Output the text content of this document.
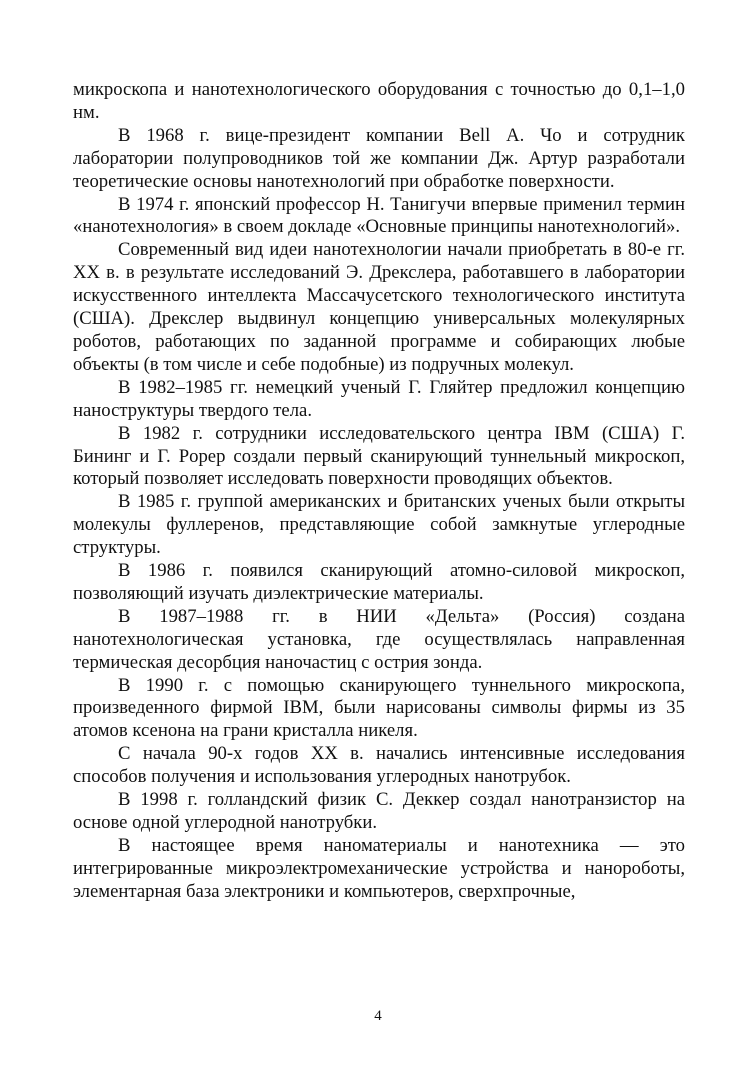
микроскопа и нанотехнологического оборудования с точностью до 0,1–1,0 нм.

В 1968 г. вице-президент компании Bell А. Чо и сотрудник лаборатории полупроводников той же компании Дж. Артур разработали теоретические основы нанотехнологий при обработке поверхности.

В 1974 г. японский профессор Н. Танигучи впервые применил термин «нанотехнология» в своем докладе «Основные принципы нанотехнологий».

Современный вид идеи нанотехнологии начали приобретать в 80-е гг. XX в. в результате исследований Э. Дрекслера, работавшего в лаборатории искусственного интеллекта Массачусетского технологического института (США). Дрекслер выдвинул концепцию универсальных молекулярных роботов, работающих по заданной программе и собирающих любые объекты (в том числе и себе подобные) из подручных молекул.

В 1982–1985 гг. немецкий ученый Г. Гляйтер предложил концепцию наноструктуры твердого тела.

В 1982 г. сотрудники исследовательского центра IBM (США) Г. Бининг и Г. Popep создали первый сканирующий туннельный микроскоп, который позволяет исследовать поверхности проводящих объектов.

В 1985 г. группой американских и британских ученых были открыты молекулы фуллеренов, представляющие собой замкнутые углеродные структуры.

В 1986 г. появился сканирующий атомно-силовой микроскоп, позволяющий изучать диэлектрические материалы.

В 1987–1988 гг. в НИИ «Дельта» (Россия) создана нанотехнологическая установка, где осуществлялась направленная термическая десорбция наночастиц с острия зонда.

В 1990 г. с помощью сканирующего туннельного микроскопа, произведенного фирмой IBM, были нарисованы символы фирмы из 35 атомов ксенона на грани кристалла никеля.

С начала 90-х годов XX в. начались интенсивные исследования способов получения и использования углеродных нанотрубок.

В 1998 г. голландский физик С. Деккер создал нанотранзистор на основе одной углеродной нанотрубки.

В настоящее время наноматериалы и нанотехника — это интегрированные микроэлектромеханические устройства и нанороботы, элементарная база электроники и компьютеров, сверхпрочные,

4
